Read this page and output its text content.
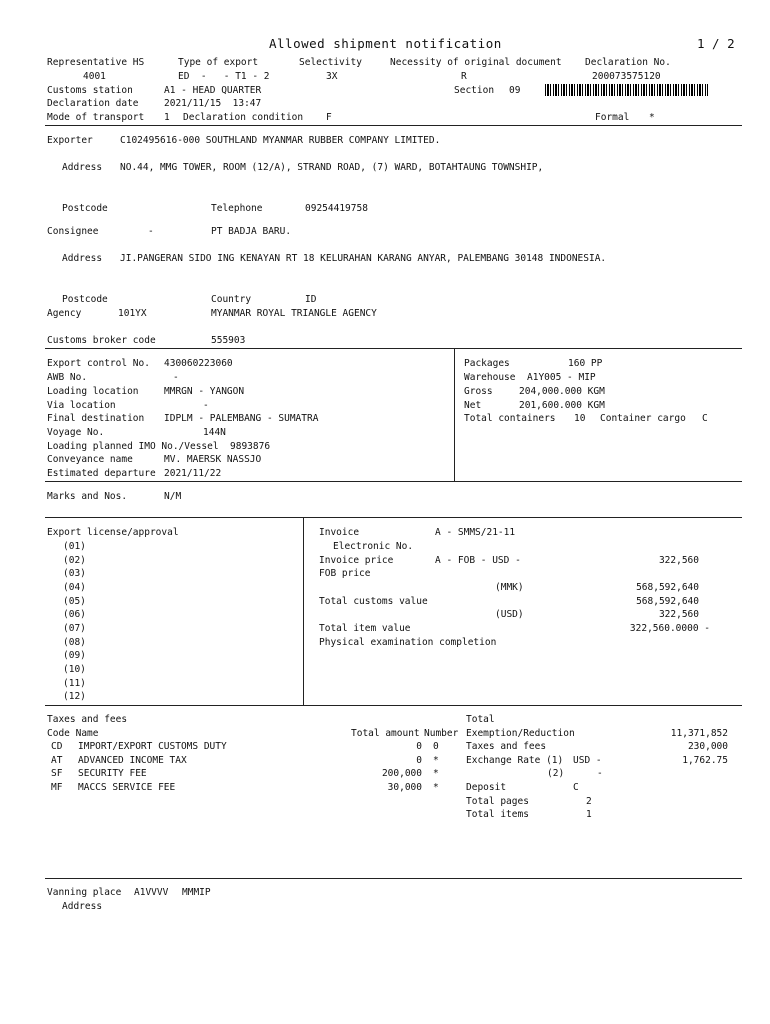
Allowed shipment notification	1 / 2
Representative HS	Type of export	Selectivity	Necessity of original document Declaration No.
4001	ED  -   - T1 - 2	3X	R	200073575120
Customs station	A1 - HEAD QUARTER	Section 09
Declaration date	2021/11/15  13:47
Mode of transport 1 Declaration condition F	Formal *
Exporter	C102495616-000 SOUTHLAND MYANMAR RUBBER COMPANY LIMITED.
Address NO.44, MMG TOWER, ROOM (12/A), STRAND ROAD, (7) WARD, BOTAHTAUNG TOWNSHIP,
Postcode	Telephone	09254419758
Consignee	-	PT BADJA BARU.
Address JI.PANGERAN SIDO ING KENAYAN RT 18 KELURAHAN KARANG ANYAR, PALEMBANG 30148 INDONESIA.
Postcode	Country	ID
Agency	101YX	MYANMAR ROYAL TRIANGLE AGENCY
Customs broker code	555903
Export control No. 430060223060
AWB No.	-
Loading location	MMRGN - YANGON
Via location	-
Final destination IDPLM - PALEMBANG - SUMATRA
Voyage No.	144N
Loading planned IMO No./Vessel 9893876
Conveyance name	MV. MAERSK NASSJO
Estimated departure 2021/11/22
Packages	160 PP
Warehouse A1Y005 - MIP
Gross	204,000.000 KGM
Net	201,600.000 KGM
Total containers 10 Container cargo C
Marks and Nos.	N/M
Export license/approval
(01)
(02)
(03)
(04)
(05)
(06)
(07)
(08)
(09)
(10)
(11)
(12)
Invoice	A - SMMS/21-11
Electronic No.
Invoice price	A - FOB - USD -	322,560
FOB price
(MMK)	568,592,640
Total customs value	568,592,640
(USD)	322,560
Total item value	322,560.0000 -
Physical examination completion
Taxes and fees	Total
Code Name	Total amount Number
CD IMPORT/EXPORT CUSTOMS DUTY	0 0
AT ADVANCED INCOME TAX	0 *
SF SECURITY FEE	200,000 *
MF MACCS SERVICE FEE	30,000 *
Exemption/Reduction	11,371,852
Taxes and fees	230,000
Exchange Rate (1) USD -	1,762.75
(2)	-
Deposit	C
Total pages	2
Total items	1
Vanning place A1VVVV MMMIP
Address
